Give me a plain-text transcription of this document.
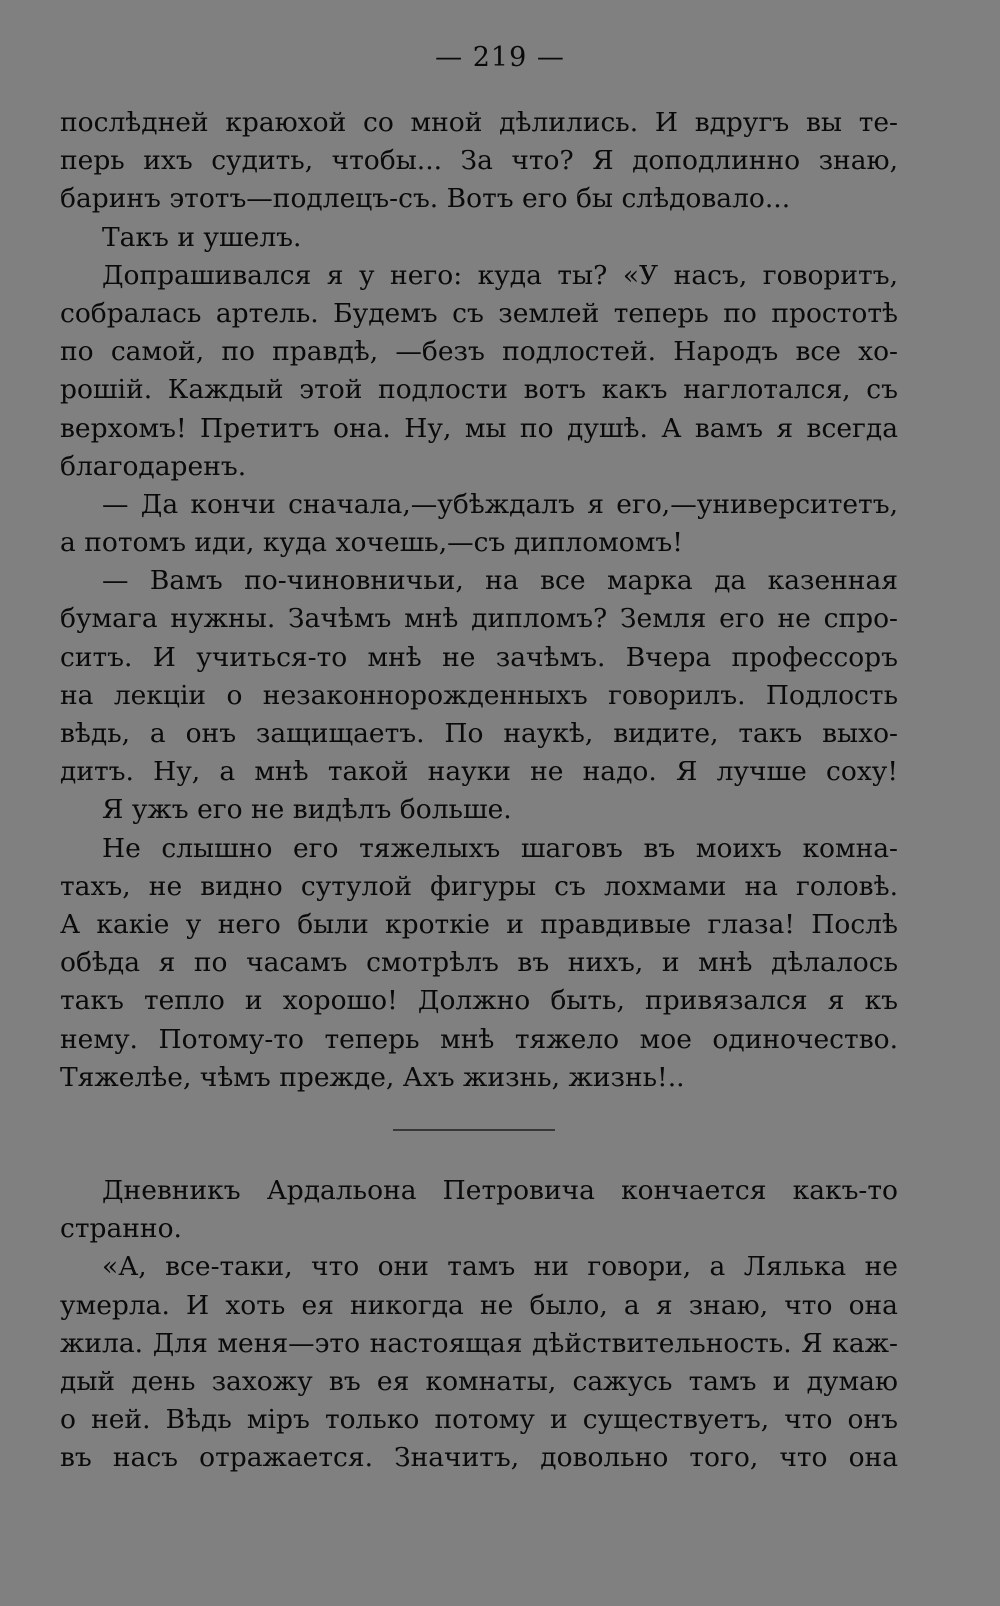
— 219 —
послѣдней краюхой со мной дѣлились. И вдругъ вы те-
перь ихъ судить, чтобы... За что? Я доподлинно знаю,
баринъ этотъ—подлецъ-съ. Вотъ его бы слѣдовало...
Такъ и ушелъ.
Допрашивался я у него: куда ты? «У насъ, говоритъ,
собралась артель. Будемъ съ землей теперь по простотѣ
по самой, по правдѣ, —безъ подлостей. Народъ все хо-
рошiй. Каждый этой подлости вотъ какъ наглотался, съ
верхомъ! Претитъ она. Ну, мы по душѣ. А вамъ я всегда
благодаренъ.
— Да кончи сначала,—убѣждалъ я его,—университетъ,
а потомъ иди, куда хочешь,—съ дипломомъ!
— Вамъ по-чиновничьи, на все марка да казенная
бумага нужны. Зачѣмъ мнѣ дипломъ? Земля его не спро-
ситъ. И учиться-то мнѣ не зачѣмъ. Вчера профессоръ
на лекцiи о незаконнорожденныхъ говорилъ. Подлость
вѣдь, а онъ защищаетъ. По наукѣ, видите, такъ выхо-
дитъ. Ну, а мнѣ такой науки не надо. Я лучше соху!
Я ужъ его не видѣлъ больше.
Не слышно его тяжелыхъ шаговъ въ моихъ комна-
тахъ, не видно сутулой фигуры съ лохмами на головѣ.
А какiе у него были кроткiе и правдивые глаза! Послѣ
обѣда я по часамъ смотрѣлъ въ нихъ, и мнѣ дѣлалось
такъ тепло и хорошо! Должно быть, привязался я къ
нему. Потому-то теперь мнѣ тяжело мое одиночество.
Тяжелѣе, чѣмъ прежде, Ахъ жизнь, жизнь!..
Дневникъ Ардальона Петровича кончается какъ-то
странно.
«А, все-таки, что они тамъ ни говори, а Лялька не
умерла. И хоть ея никогда не было, а я знаю, что она
жила. Для меня—это настоящая дѣйствительность. Я каж-
дый день захожу въ ея комнаты, сажусь тамъ и думаю
о ней. Вѣдь мiръ только потому и существуетъ, что онъ
въ насъ отражается. Значитъ, довольно того, что она
